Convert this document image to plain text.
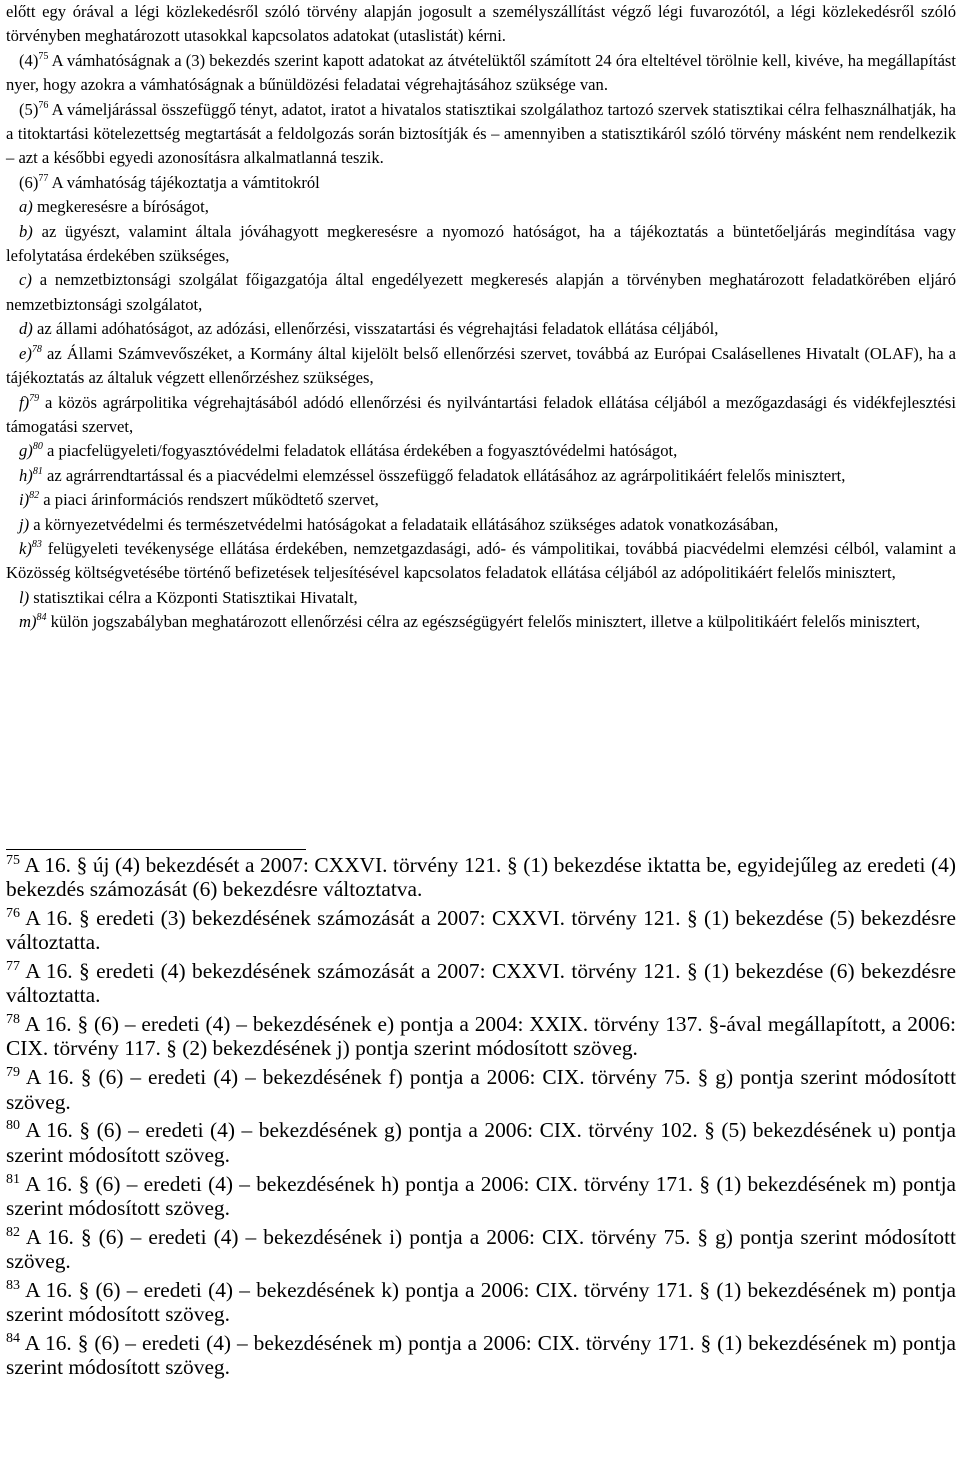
előtt egy órával a légi közlekedésről szóló törvény alapján jogosult a személyszállítást végző légi fuvarozótól, a légi közlekedésről szóló törvényben meghatározott utasokkal kapcsolatos adatokat (utaslistát) kérni.

$(4)^{75}$ A vámhatóságnak a (3) bekezdés szerint kapott adatokat az átvételüktől számított 24 óra elteltével törölnie kell, kivéve, ha megállapítást nyer, hogy azokra a vámhatóságnak a bűnüldözési feladatai végrehajtásához szüksége van.

$(5)^{76}$ A vámeljárással összefüggő tényt, adatot, iratot a hivatalos statisztikai szolgálathoz tartozó szervek statisztikai célra felhasználhatják, ha a titoktartási kötelezettség megtartását a feldolgozás során biztosítják és – amennyiben a statisztikáról szóló törvény másként nem rendelkezik – azt a későbbi egyedi azonosításra alkalmatlanná teszik.

$(6)^{77}$ A vámhatóság tájékoztatja a vámtitokról

a) megkeresésre a bíróságot,

b) az ügyészt, valamint általa jóváhagyott megkeresésre a nyomozó hatóságot, ha a tájékoztatás a büntetőeljárás megindítása vagy lefolytatása érdekében szükséges,

c) a nemzetbiztonsági szolgálat főigazgatója által engedélyezett megkeresés alapján a törvényben meghatározott feladatkörében eljáró nemzetbiztonsági szolgálatot,

d) az állami adóhatóságot, az adózási, ellenőrzési, visszatartási és végrehajtási feladatok ellátása céljából,

e)$^{78}$ az Állami Számvevőszéket, a Kormány által kijelölt belső ellenőrzési szervet, továbbá az Európai Csalásellenes Hivatalt (OLAF), ha a tájékoztatás az általuk végzett ellenőrzéshez szükséges,

f)$^{79}$ a közös agrárpolitika végrehajtásából adódó ellenőrzési és nyilvántartási feladok ellátása céljából a mezőgazdasági és vidékfejlesztési támogatási szervet,

g)$^{80}$ a piacfelügyeleti/fogyasztóvédelmi feladatok ellátása érdekében a fogyasztóvédelmi hatóságot,

h)$^{81}$ az agrárrendtartással és a piacvédelmi elemzéssel összefüggő feladatok ellátásához az agrárpolitikáért felelős minisztert,

i)$^{82}$ a piaci árinformációs rendszert működtető szervet,

j) a környezetvédelmi és természetvédelmi hatóságokat a feladataik ellátásához szükséges adatok vonatkozásában,

k)$^{83}$ felügyeleti tevékenysége ellátása érdekében, nemzetgazdasági, adó- és vámpolitikai, továbbá piacvédelmi elemzési célból, valamint a Közösség költségvetésébe történő befizetések teljesítésével kapcsolatos feladatok ellátása céljából az adópolitikáért felelős minisztert,

l) statisztikai célra a Központi Statisztikai Hivatalt,

m)$^{84}$ külön jogszabályban meghatározott ellenőrzési célra az egészségügyért felelős minisztert, illetve a külpolitikáért felelős minisztert,

$^{75}$ A 16. § új (4) bekezdését a 2007: CXXVI. törvény 121. § (1) bekezdése iktatta be, egyidejűleg az eredeti (4) bekezdés számozását (6) bekezdésre változtatva.

$^{76}$ A 16. § eredeti (3) bekezdésének számozását a 2007: CXXVI. törvény 121. § (1) bekezdése (5) bekezdésre változtatta.

$^{77}$ A 16. § eredeti (4) bekezdésének számozását a 2007: CXXVI. törvény 121. § (1) bekezdése (6) bekezdésre változtatta.

$^{78}$ A 16. § (6) – eredeti (4) – bekezdésének e) pontja a 2004: XXIX. törvény 137. §-ával megállapított, a 2006: CIX. törvény 117. § (2) bekezdésének j) pontja szerint módosított szöveg.

$^{79}$ A 16. § (6) – eredeti (4) – bekezdésének f) pontja a 2006: CIX. törvény 75. § g) pontja szerint módosított szöveg.

$^{80}$ A 16. § (6) – eredeti (4) – bekezdésének g) pontja a 2006: CIX. törvény 102. § (5) bekezdésének u) pontja szerint módosított szöveg.

$^{81}$ A 16. § (6) – eredeti (4) – bekezdésének h) pontja a 2006: CIX. törvény 171. § (1) bekezdésének m) pontja szerint módosított szöveg.

$^{82}$ A 16. § (6) – eredeti (4) – bekezdésének i) pontja a 2006: CIX. törvény 75. § g) pontja szerint módosított szöveg.

$^{83}$ A 16. § (6) – eredeti (4) – bekezdésének k) pontja a 2006: CIX. törvény 171. § (1) bekezdésének m) pontja szerint módosított szöveg.

$^{84}$ A 16. § (6) – eredeti (4) – bekezdésének m) pontja a 2006: CIX. törvény 171. § (1) bekezdésének m) pontja szerint módosított szöveg.
